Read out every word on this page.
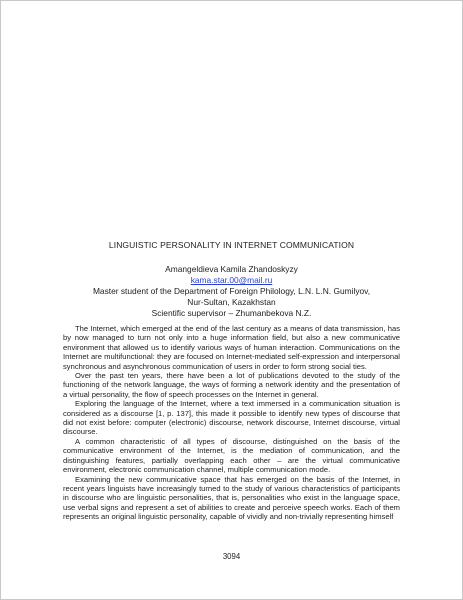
LINGUISTIC PERSONALITY IN INTERNET COMMUNICATION
Amangeldieva Kamila Zhandoskyzy
kama.star.00@mail.ru
Master student of the Department of Foreign Philology, L.N. L.N. Gumilyov,
Nur-Sultan, Kazakhstan
Scientific supervisor – Zhumanbekova N.Z.

The Internet, which emerged at the end of the last century as a means of data transmission, has by now managed to turn not only into a huge information field, but also a new communicative environment that allowed us to identify various ways of human interaction. Communications on the Internet are multifunctional: they are focused on Internet-mediated self-expression and interpersonal synchronous and asynchronous communication of users in order to form strong social ties.

Over the past ten years, there have been a lot of publications devoted to the study of the functioning of the network language, the ways of forming a network identity and the presentation of a virtual personality, the flow of speech processes on the Internet in general.

Exploring the language of the Internet, where a text immersed in a communication situation is considered as a discourse [1, p. 137], this made it possible to identify new types of discourse that did not exist before: computer (electronic) discourse, network discourse, Internet discourse, virtual discourse.

A common characteristic of all types of discourse, distinguished on the basis of the communicative environment of the Internet, is the mediation of communication, and the distinguishing features, partially overlapping each other – are the virtual communicative environment, electronic communication channel, multiple communication mode.

Examining the new communicative space that has emerged on the basis of the Internet, in recent years linguists have increasingly turned to the study of various characteristics of participants in discourse who are linguistic personalities, that is, personalities who exist in the language space, use verbal signs and represent a set of abilities to create and perceive speech works. Each of them represents an original linguistic personality, capable of vividly and non-trivially representing himself

3094
